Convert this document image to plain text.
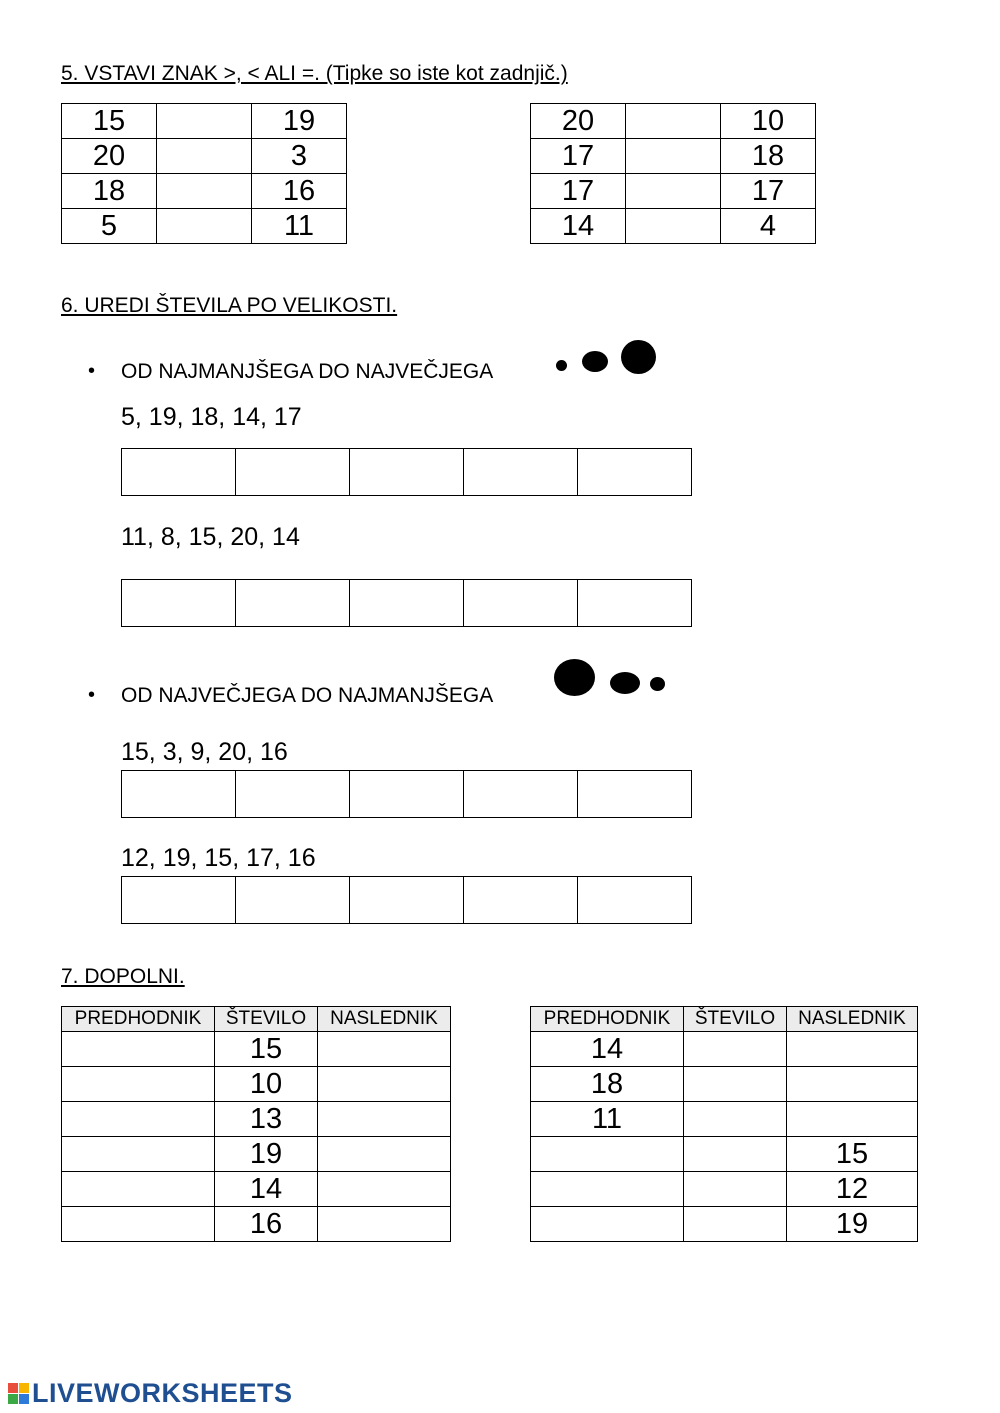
5. VSTAVI ZNAK >, < ALI =. (Tipke so iste kot zadnjič.)
15		19
20		3
18		16
5		11
20		10
17		18
17		17
14		4
6. UREDI ŠTEVILA PO VELIKOSTI.
• OD NAJMANJŠEGA DO NAJVEČJEGA
5, 19, 18, 14, 17

11, 8, 15, 20, 14

• OD NAJVEČJEGA DO NAJMANJŠEGA
15, 3, 9, 20, 16

12, 19, 15, 17, 16

7. DOPOLNI.
PREDHODNIK	ŠTEVILO	NASLEDNIK
	15	
	10	
	13	
	19	
	14	
	16	
PREDHODNIK	ŠTEVILO	NASLEDNIK
14		
18		
11		
		15
		12
		19
LIVEWORKSHEETS
